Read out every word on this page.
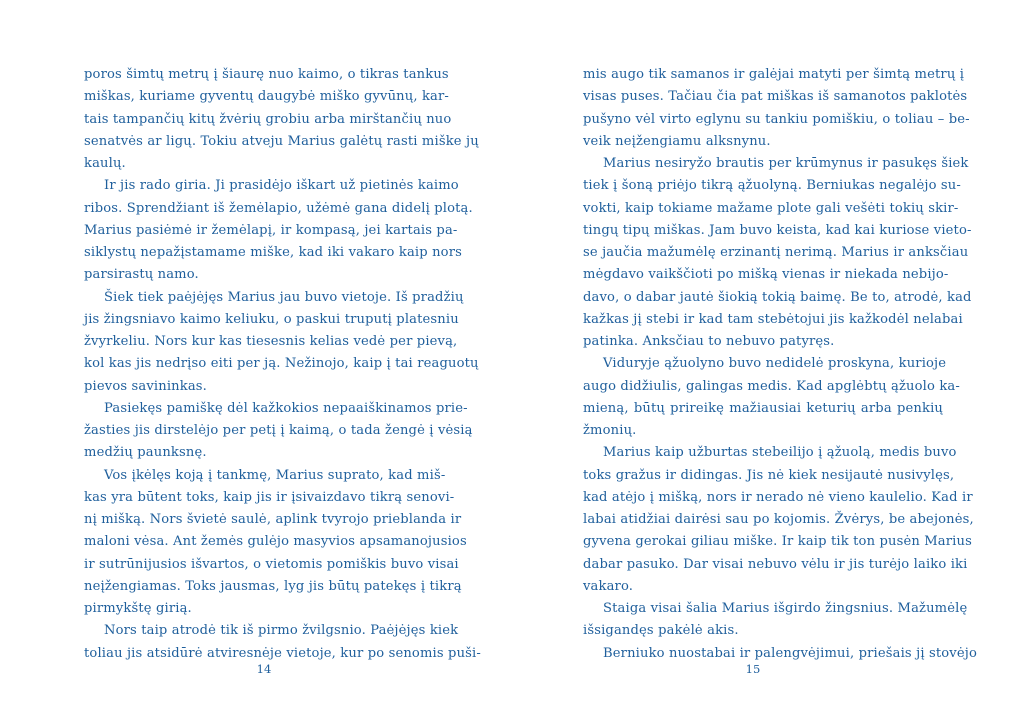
poros šimtų metrų į šiaurę nuo kaimo, o tikras tankus
miškas, kuriame gyventų daugybė miško gyvūnų, kar-
tais tampančių kitų žvėrių grobiu arba mirštančių nuo
senatvės ar ligų. Tokiu atveju Marius galėtų rasti miške jų
kaulų.
Ir jis rado giria. Ji prasidėjo iškart už pietinės kaimo
ribos. Sprendžiant iš žemėlapio, užėmė gana didelį plotą.
Marius pasiėmė ir žemėlapį, ir kompasą, jei kartais pa-
siklystų nepažįstamame miške, kad iki vakaro kaip nors
parsirastų namo.
Šiek tiek paėjėjęs Marius jau buvo vietoje. Iš pradžių
jis žingsniavo kaimo keliuku, o paskui truputį platesniu
žvyrkeliu. Nors kur kas tiesesnis kelias vedė per pievą,
kol kas jis nedrįso eiti per ją. Nežinojo, kaip į tai reaguotų
pievos savininkas.
Pasiekęs pamiškę dėl kažkokios nepaaiškinamos prie-
žasties jis dirstelėjo per petį į kaimą, o tada žengė į vėsią
medžių paunksnę.
Vos įkėlęs koją į tankmę, Marius suprato, kad miš-
kas yra būtent toks, kaip jis ir įsivaizdavo tikrą senovi-
nį mišką. Nors švietė saulė, aplink tvyrojo prieblanda ir
maloni vėsa. Ant žemės gulėjo masyvios apsamanojusios
ir sutrūnijusios išvartos, o vietomis pomiškis buvo visai
neįžengiamas. Toks jausmas, lyg jis būtų patekęs į tikrą
pirmykštę girią.
Nors taip atrodė tik iš pirmo žvilgsnio. Paėjėjęs kiek
toliau jis atsidūrė atviresnėje vietoje, kur po senomis puši-
14
mis augo tik samanos ir galėjai matyti per šimtą metrų į
visas puses. Tačiau čia pat miškas iš samanotos paklotės
pušyno vėl virto eglynu su tankiu pomiškiu, o toliau – be-
veik neįžengiamu alksnynu.
Marius nesiryžo brautis per krūmynus ir pasukęs šiek
tiek į šoną priėjo tikrą ąžuolyną. Berniukas negalėjo su-
vokti, kaip tokiame mažame plote gali vešėti tokių skir-
tingų tipų miškas. Jam buvo keista, kad kai kuriose vieto-
se jaučia mažumėlę erzinantį nerimą. Marius ir anksčiau
mėgdavo vaikščioti po mišką vienas ir niekada nebijo-
davo, o dabar jautė šiokią tokią baimę. Be to, atrodė, kad
kažkas jį stebi ir kad tam stebėtojui jis kažkodėl nelabai
patinka. Anksčiau to nebuvo patyręs.
Viduryje ąžuolyno buvo nedidelė proskyna, kurioje
augo didžiulis, galingas medis. Kad apglėbtų ąžuolo ka-
mieną, būtų prireikę mažiausiai keturių arba penkių
žmonių.
Marius kaip užburtas stebeilijo į ąžuolą, medis buvo
toks gražus ir didingas. Jis nė kiek nesijautė nusivylęs,
kad atėjo į mišką, nors ir nerado nė vieno kaulelio. Kad ir
labai atidžiai dairėsi sau po kojomis. Žvėrys, be abejonės,
gyvena gerokai giliau miške. Ir kaip tik ton pusėn Marius
dabar pasuko. Dar visai nebuvo vėlu ir jis turėjo laiko iki
vakaro.
Staiga visai šalia Marius išgirdo žingsnius. Mažumėlę
išsigandęs pakėlė akis.
Berniuko nuostabai ir palengvėjimui, priešais jį stovėjo
15
